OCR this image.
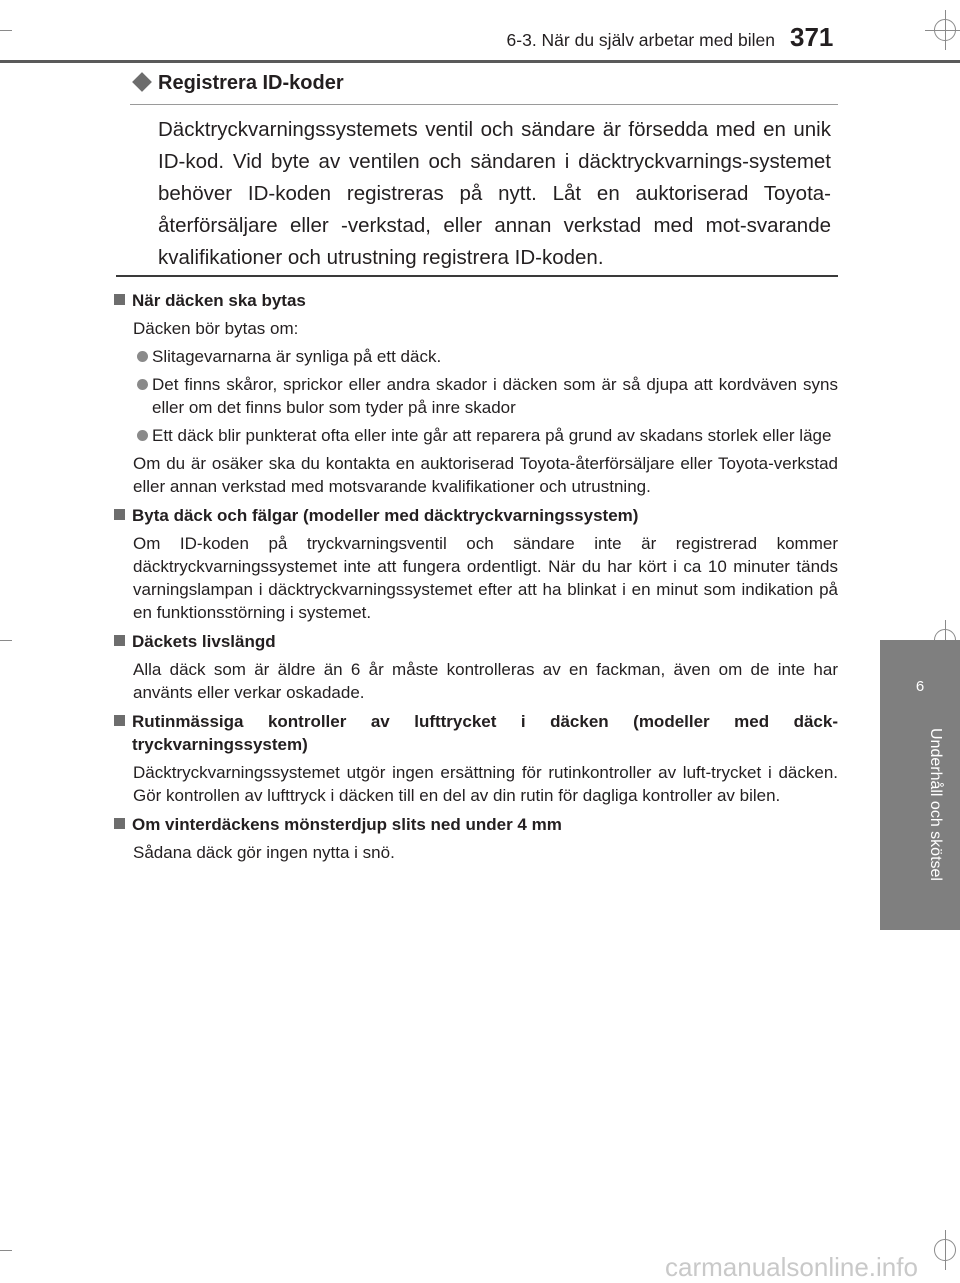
6-3. När du själv arbetar med bilen 371
6
Underhåll och skötsel
Registrera ID-koder
Däcktryckvarningssystemets ventil och sändare är försedda med en unik ID-kod. Vid byte av ventilen och sändaren i däcktryckvarnings-systemet behöver ID-koden registreras på nytt. Låt en auktoriserad Toyota-återförsäljare eller -verkstad, eller annan verkstad med mot-svarande kvalifikationer och utrustning registrera ID-koden.
När däcken ska bytas
Däcken bör bytas om:
Slitagevarnarna är synliga på ett däck.
Det finns skåror, sprickor eller andra skador i däcken som är så djupa att kordväven syns eller om det finns bulor som tyder på inre skador
Ett däck blir punkterat ofta eller inte går att reparera på grund av skadans storlek eller läge
Om du är osäker ska du kontakta en auktoriserad Toyota-återförsäljare eller Toyota-verkstad eller annan verkstad med motsvarande kvalifikationer och utrustning.
Byta däck och fälgar (modeller med däcktryckvarningssystem)
Om ID-koden på tryckvarningsventil och sändare inte är registrerad kommer däcktryckvarningssystemet inte att fungera ordentligt. När du har kört i ca 10 minuter tänds varningslampan i däcktryckvarningssystemet efter att ha blinkat i en minut som indikation på en funktionsstörning i systemet.
Däckets livslängd
Alla däck som är äldre än 6 år måste kontrolleras av en fackman, även om de inte har använts eller verkar oskadade.
Rutinmässiga kontroller av lufttrycket i däcken (modeller med däck-tryckvarningssystem)
Däcktryckvarningssystemet utgör ingen ersättning för rutinkontroller av luft-trycket i däcken. Gör kontrollen av lufttryck i däcken till en del av din rutin för dagliga kontroller av bilen.
Om vinterdäckens mönsterdjup slits ned under 4 mm
Sådana däck gör ingen nytta i snö.
carmanualsonline.info
